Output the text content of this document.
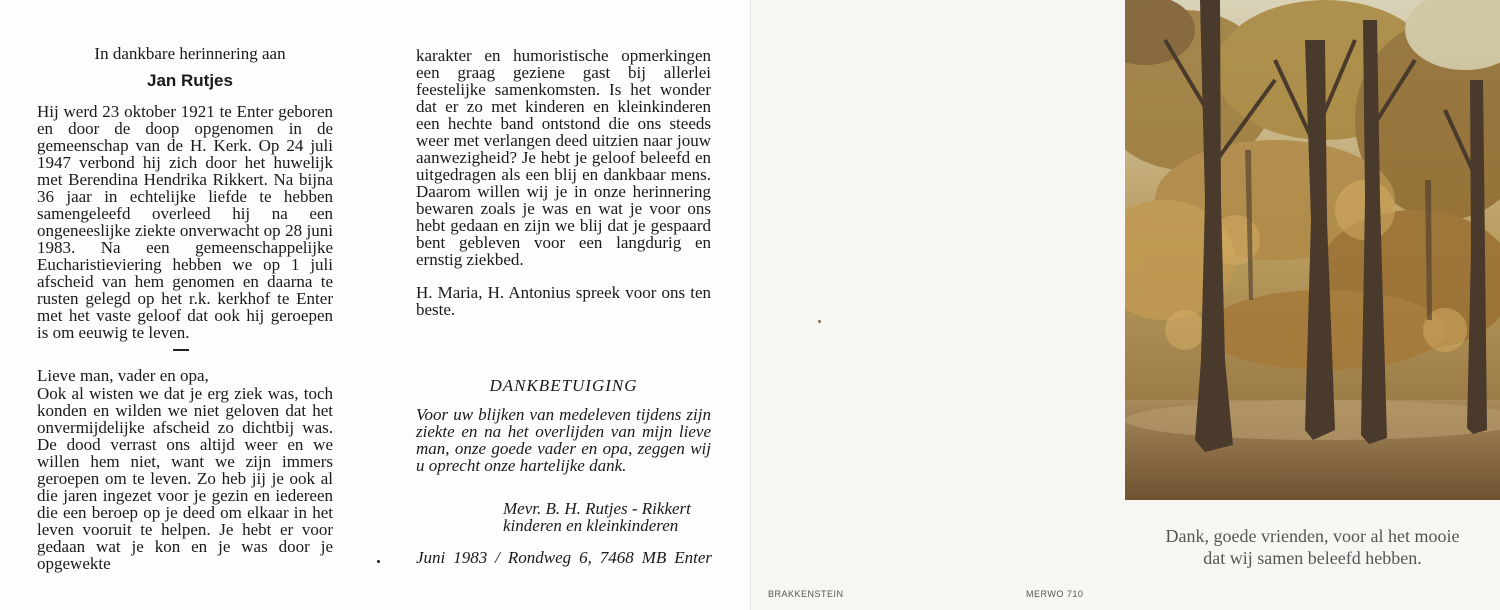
In dankbare herinnering aan
Jan Rutjes

Hij werd 23 oktober 1921 te Enter geboren en door de doop opgenomen in de gemeenschap van de H. Kerk. Op 24 juli 1947 verbond hij zich door het huwelijk met Berendina Hendrika Rikkert. Na bijna 36 jaar in echtelijke liefde te hebben samengeleefd overleed hij na een ongeneeslijke ziekte onverwacht op 28 juni 1983. Na een gemeenschappelijke Eucharistieviering hebben we op 1 juli afscheid van hem genomen en daarna te rusten gelegd op het r.k. kerkhof te Enter met het vaste geloof dat ook hij geroepen is om eeuwig te leven.

Lieve man, vader en opa,
Ook al wisten we dat je erg ziek was, toch konden en wilden we niet geloven dat het onvermijdelijke afscheid zo dichtbij was. De dood verrast ons altijd weer en we willen hem niet, want we zijn immers geroepen om te leven. Zo heb jij je ook al die jaren ingezet voor je gezin en iedereen die een beroep op je deed om elkaar in het leven vooruit te helpen. Je hebt er voor gedaan wat je kon en je was door je opgewekte
karakter en humoristische opmerkingen een graag geziene gast bij allerlei feestelijke samenkomsten. Is het wonder dat er zo met kinderen en kleinkinderen een hechte band ontstond die ons steeds weer met verlangen deed uitzien naar jouw aanwezigheid? Je hebt je geloof beleefd en uitgedragen als een blij en dankbaar mens. Daarom willen wij je in onze herinnering bewaren zoals je was en wat je voor ons hebt gedaan en zijn we blij dat je gespaard bent gebleven voor een langdurig en ernstig ziekbed.
H. Maria, H. Antonius spreek voor ons ten beste.
DANKBETUIGING
Voor uw blijken van medeleven tijdens zijn ziekte en na het overlijden van mijn lieve man, onze goede vader en opa, zeggen wij u oprecht onze hartelijke dank.
Mevr. B. H. Rutjes - Rikkert
kinderen en kleinkinderen
Juni 1983 / Rondweg 6, 7468 MB Enter
BRAKKENSTEIN	MERWO 710
Dank, goede vrienden, voor al het mooie
dat wij samen beleefd hebben.
